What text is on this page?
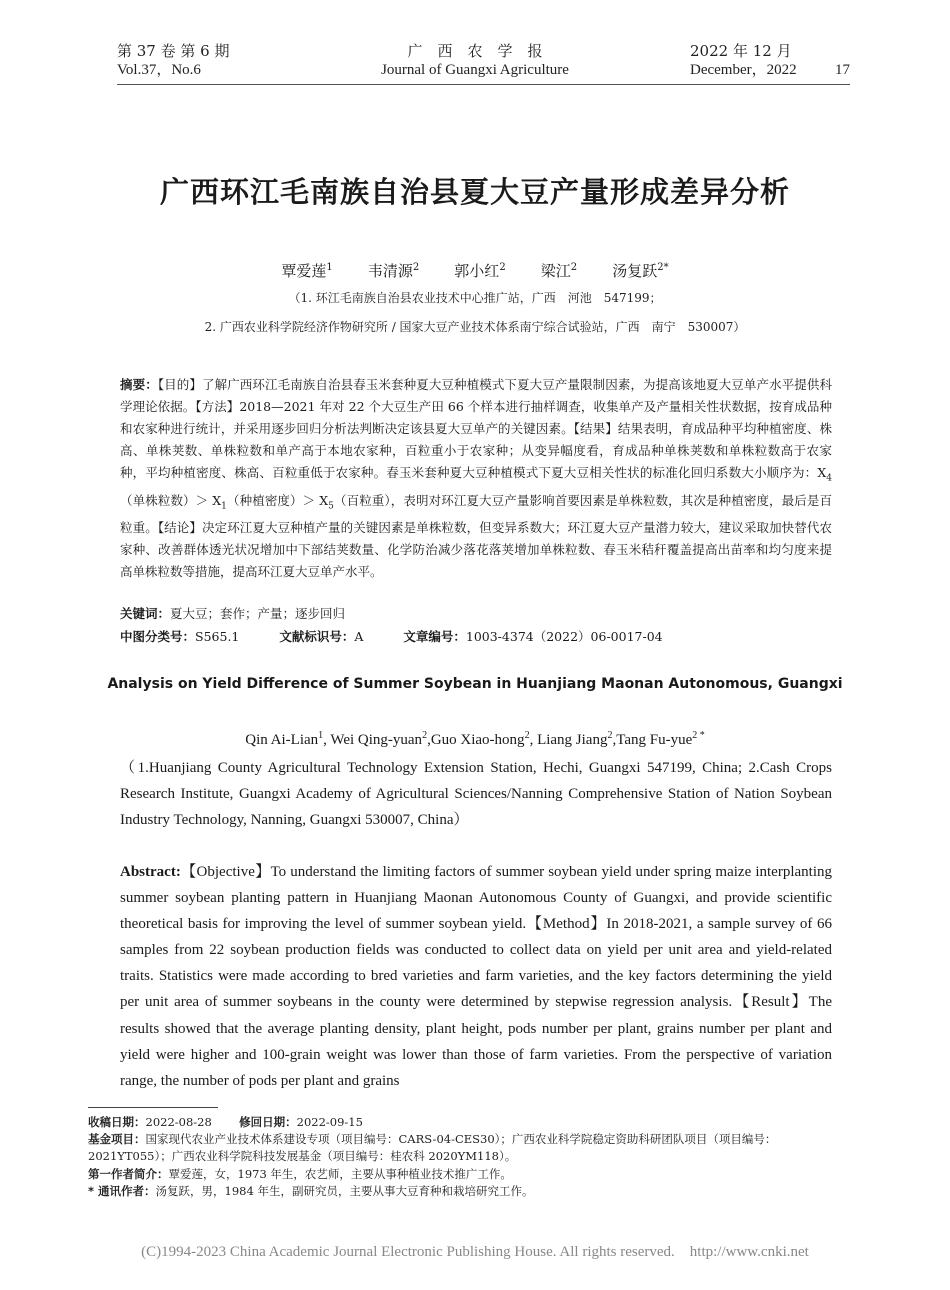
第 37 卷 第 6 期
Vol.37，No.6
广　西　农　学　报
Journal of Guangxi Agriculture
2022 年 12 月
December，2022	17
广西环江毛南族自治县夏大豆产量形成差异分析
覃爱莲$^1$ 韦清源$^2$ 郭小红$^2$ 梁江$^2$ 汤复跃$^{2*}$
（1. 环江毛南族自治县农业技术中心推广站，广西　河池　547199；
2. 广西农业科学院经济作物研究所 / 国家大豆产业技术体系南宁综合试验站，广西　南宁　530007）
摘要：【目的】了解广西环江毛南族自治县春玉米套种夏大豆种植模式下夏大豆产量限制因素，为提高该地夏大豆单产水平提供科学理论依据。【方法】2018—2021 年对 22 个大豆生产田 66 个样本进行抽样调查，收集单产及产量相关性状数据，按育成品种和农家种进行统计，并采用逐步回归分析法判断决定该县夏大豆单产的关键因素。【结果】结果表明，育成品种平均种植密度、株高、单株荚数、单株粒数和单产高于本地农家种，百粒重小于农家种；从变异幅度看，育成品种单株荚数和单株粒数高于农家种，平均种植密度、株高、百粒重低于农家种。春玉米套种夏大豆种植模式下夏大豆相关性状的标准化回归系数大小顺序为：$X_4$（单株粒数）＞ $X_1$（种植密度）＞ $X_5$（百粒重），表明对环江夏大豆产量影响首要因素是单株粒数，其次是种植密度，最后是百粒重。【结论】决定环江夏大豆种植产量的关键因素是单株粒数，但变异系数大；环江夏大豆产量潜力较大，建议采取加快替代农家种、改善群体透光状况增加中下部结荚数量、化学防治减少落花落荚增加单株粒数、春玉米秸秆覆盖提高出苗率和均匀度来提高单株粒数等措施，提高环江夏大豆单产水平。
关键词：夏大豆；套作；产量；逐步回归
中图分类号：S565.1	文献标识号：A	文章编号：1003-4374（2022）06-0017-04
Analysis on Yield Difference of Summer Soybean in Huanjiang Maonan Autonomous, Guangxi
Qin Ai-Lian$^1$, Wei Qing-yuan$^2$,Guo Xiao-hong$^2$, Liang Jiang$^2$,Tang Fu-yue$^{2 *}$
（1.Huanjiang County Agricultural Technology Extension Station, Hechi, Guangxi 547199, China; 2.Cash Crops Research Institute, Guangxi Academy of Agricultural Sciences/Nanning Comprehensive Station of Nation Soybean Industry Technology, Nanning, Guangxi 530007, China）
Abstract:【Objective】To understand the limiting factors of summer soybean yield under spring maize interplanting summer soybean planting pattern in Huanjiang Maonan Autonomous County of Guangxi, and provide scientific theoretical basis for improving the level of summer soybean yield.【Method】In 2018-2021, a sample survey of 66 samples from 22 soybean production fields was conducted to collect data on yield per unit area and yield-related traits. Statistics were made according to bred varieties and farm varieties, and the key factors determining the yield per unit area of summer soybeans in the county were determined by stepwise regression analysis.【Result】The results showed that the average planting density, plant height, pods number per plant, grains number per plant and yield were higher and 100-grain weight was lower than those of farm varieties. From the perspective of variation range, the number of pods per plant and grains
收稿日期：2022-08-28 修回日期：2022-09-15
基金项目：国家现代农业产业技术体系建设专项（项目编号：CARS-04-CES30）；广西农业科学院稳定资助科研团队项目（项目编号：2021YT055）；广西农业科学院科技发展基金（项目编号：桂农科 2020YM118）。
第一作者简介：覃爱莲，女，1973 年生，农艺师，主要从事种植业技术推广工作。
* 通讯作者：汤复跃，男，1984 年生，副研究员，主要从事大豆育种和栽培研究工作。
(C)1994-2023 China Academic Journal Electronic Publishing House. All rights reserved.    http://www.cnki.net
